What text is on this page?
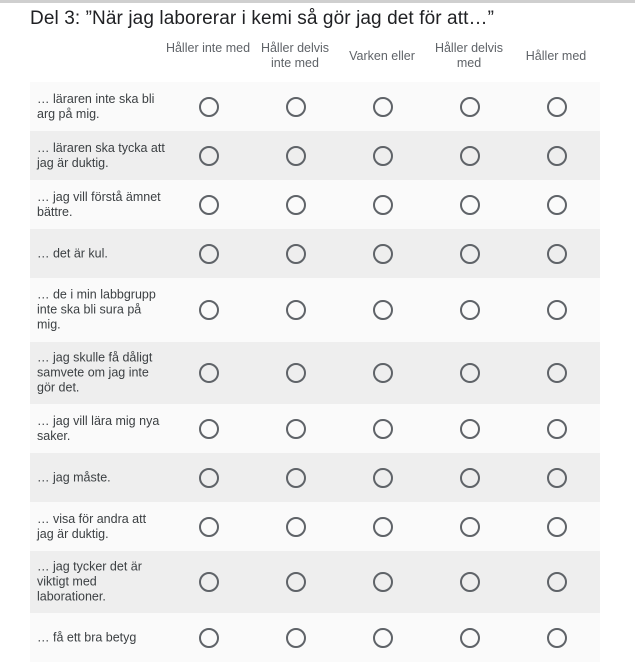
Del 3: ”När jag laborerar i kemi så gör jag det för att…”
Håller inte med Håller delvis inte med	Varken eller
Håller delvis med	Håller med
… läraren inte ska bli arg på mig.
… läraren ska tycka att jag är duktig.
… jag vill förstå ämnet bättre.
… det är kul.
… de i min labbgrupp inte ska bli sura på mig.
… jag skulle få dåligt samvete om jag inte gör det.
… jag vill lära mig nya saker.
… jag måste.
… visa för andra att jag är duktig.
… jag tycker det är viktigt med laborationer.
… få ett bra betyg
